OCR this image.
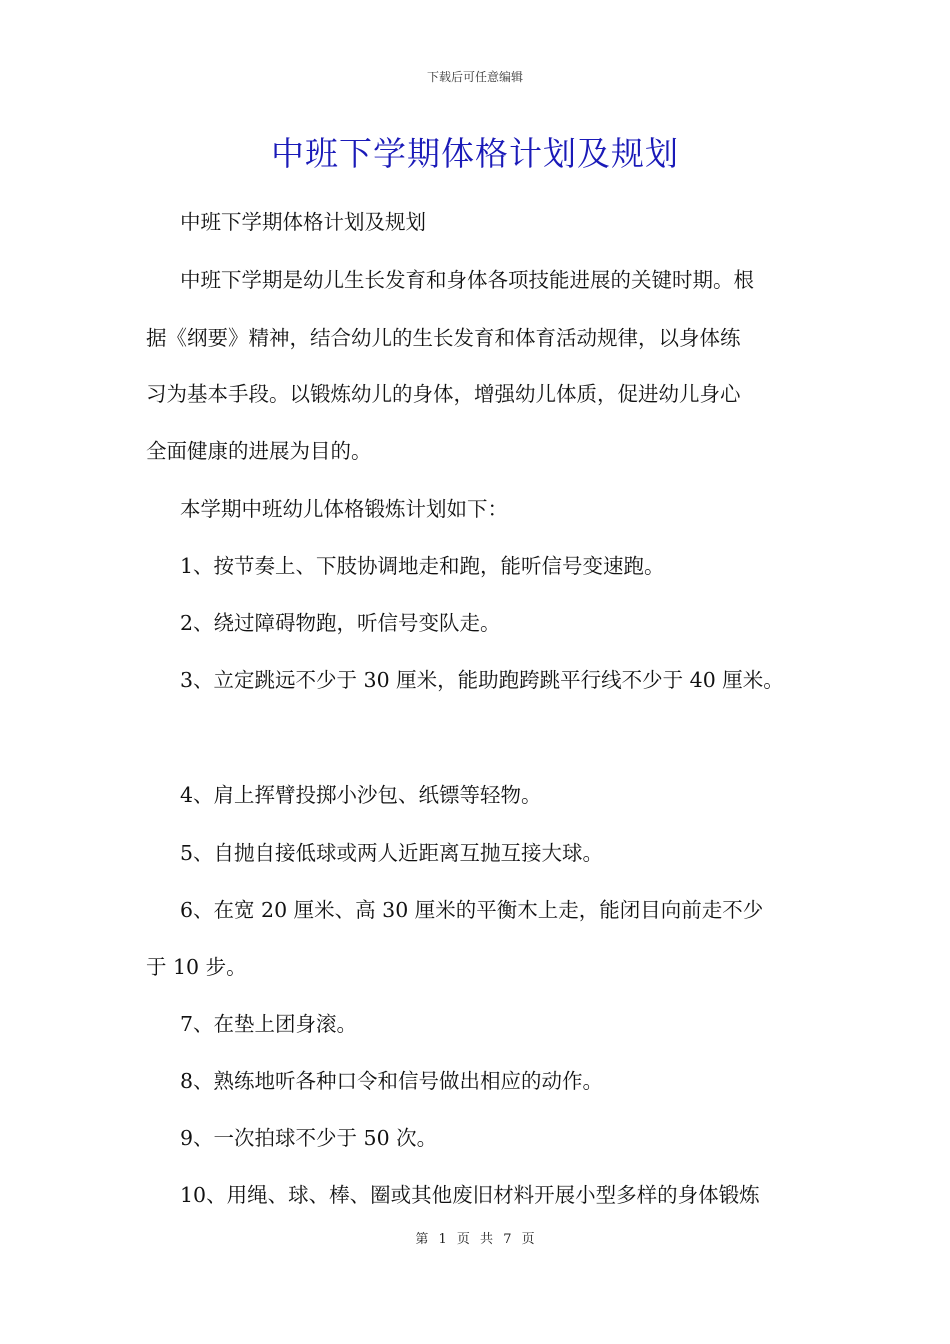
下载后可任意编辑
中班下学期体格计划及规划
中班下学期体格计划及规划
中班下学期是幼儿生长发育和身体各项技能进展的关键时期。根
据《纲要》精神，结合幼儿的生长发育和体育活动规律，以身体练
习为基本手段。以锻炼幼儿的身体，增强幼儿体质，促进幼儿身心
全面健康的进展为目的。
本学期中班幼儿体格锻炼计划如下：
1、按节奏上、下肢协调地走和跑，能听信号变速跑。
2、绕过障碍物跑，听信号变队走。
3、立定跳远不少于 30 厘米，能助跑跨跳平行线不少于 40 厘米。
4、肩上挥臂投掷小沙包、纸镖等轻物。
5、自抛自接低球或两人近距离互抛互接大球。
6、在宽 20 厘米、高 30 厘米的平衡木上走，能闭目向前走不少
于 10 步。
7、在垫上团身滚。
8、熟练地听各种口令和信号做出相应的动作。
9、一次拍球不少于 50 次。
10、用绳、球、棒、圈或其他废旧材料开展小型多样的身体锻炼
第 1 页 共 7 页
